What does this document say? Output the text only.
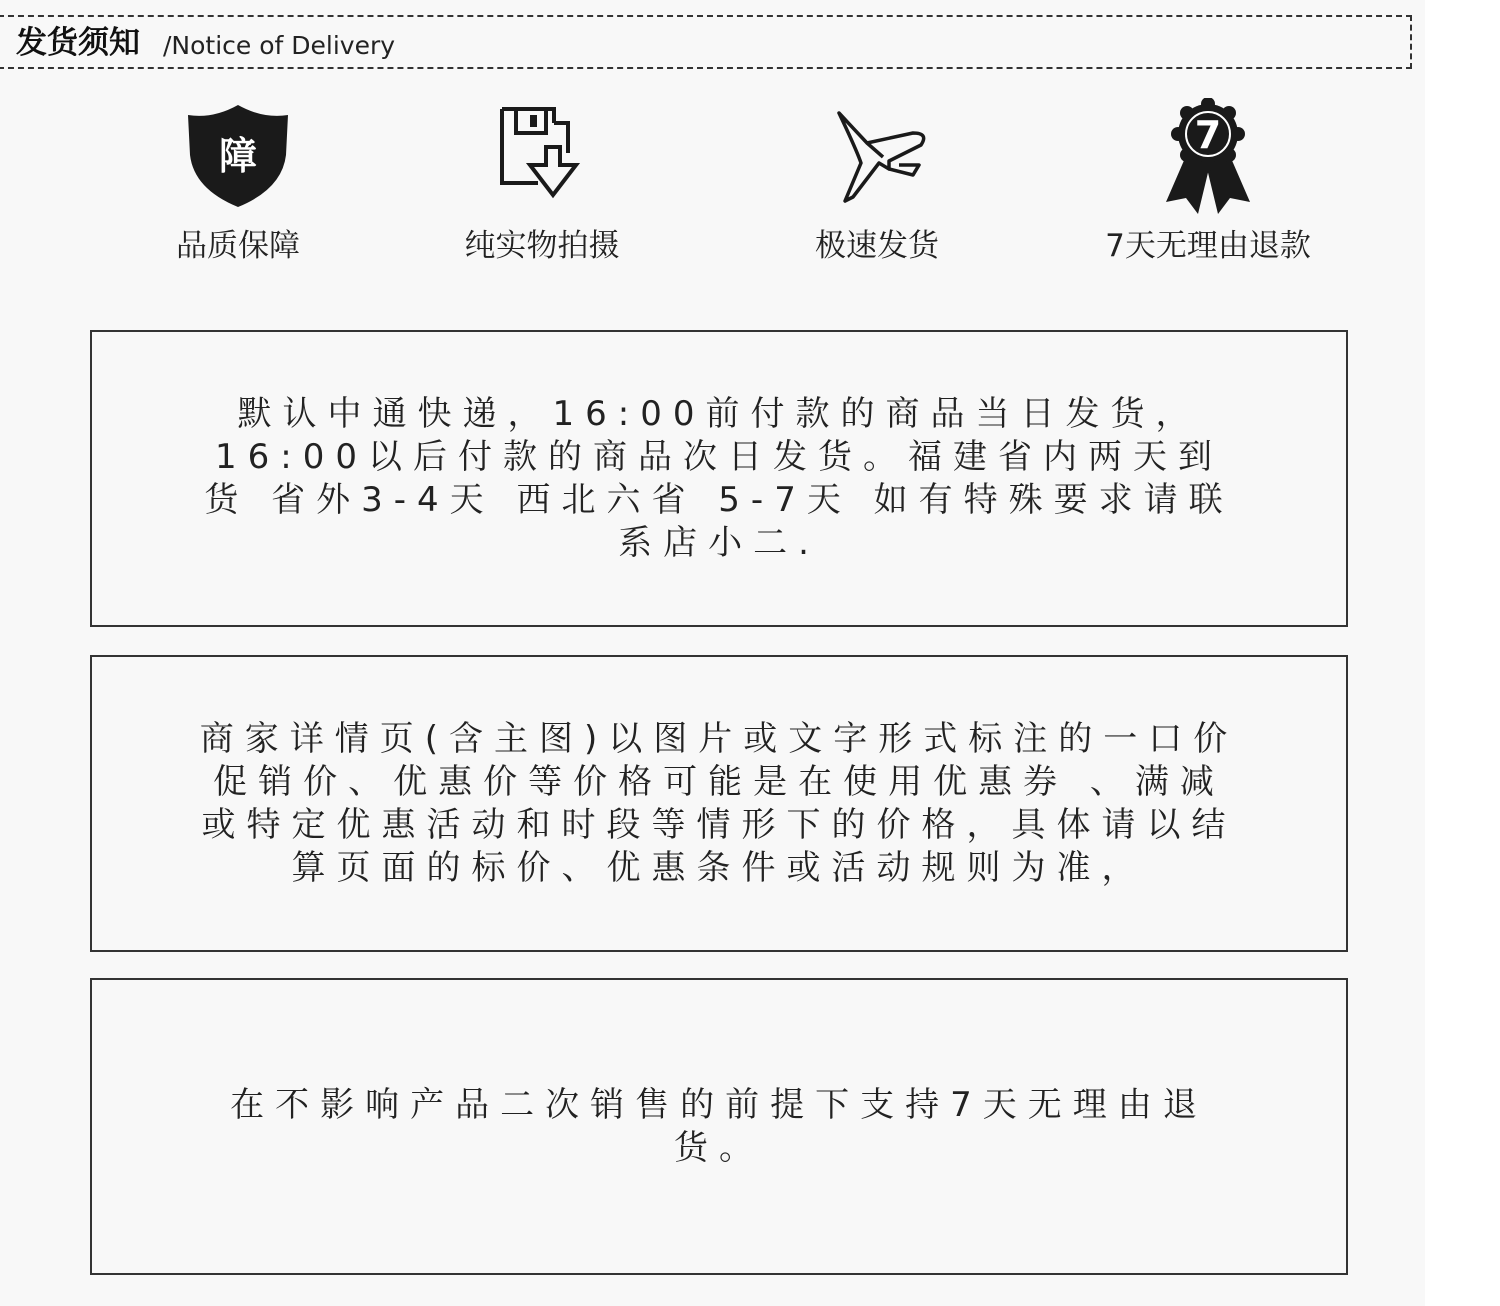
发货须知 /Notice of Delivery
障
品质保障	纯实物拍摄	极速发货
7
7天无理由退款
默认中通快递，16:00前付款的商品当日发货，16:00以后付款的商品次日发货。福建省内两天到货 省外3-4天 西北六省 5-7天 如有特殊要求请联系店小二.
商家详情页(含主图)以图片或文字形式标注的一口价促销价、优惠价等价格可能是在使用优惠券 、满减或特定优惠活动和时段等情形下的价格，具体请以结算页面的标价、优惠条件或活动规则为准，
在不影响产品二次销售的前提下支持7天无理由退货。
